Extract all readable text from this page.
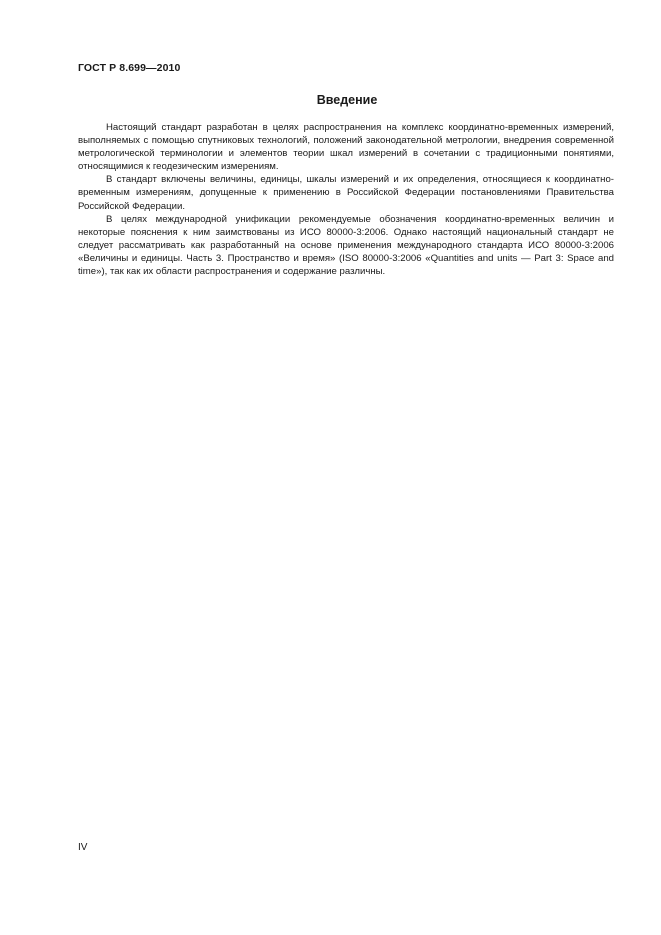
ГОСТ Р 8.699—2010
Введение

Настоящий стандарт разработан в целях распространения на комплекс координатно-временных измерений, выполняемых с помощью спутниковых технологий, положений законодательной метрологии, внедрения современной метрологической терминологии и элементов теории шкал измерений в сочетании с традиционными понятиями, относящимися к геодезическим измерениям.

В стандарт включены величины, единицы, шкалы измерений и их определения, относящиеся к координатно-временным измерениям, допущенные к применению в Российской Федерации постановлениями Правительства Российской Федерации.

В целях международной унификации рекомендуемые обозначения координатно-временных величин и некоторые пояснения к ним заимствованы из ИСО 80000-3:2006. Однако настоящий национальный стандарт не следует рассматривать как разработанный на основе применения международного стандарта ИСО 80000-3:2006 «Величины и единицы. Часть 3. Пространство и время» (ISO 80000-3:2006 «Quantities and units — Part 3: Space and time»), так как их области распространения и содержание различны.

IV
